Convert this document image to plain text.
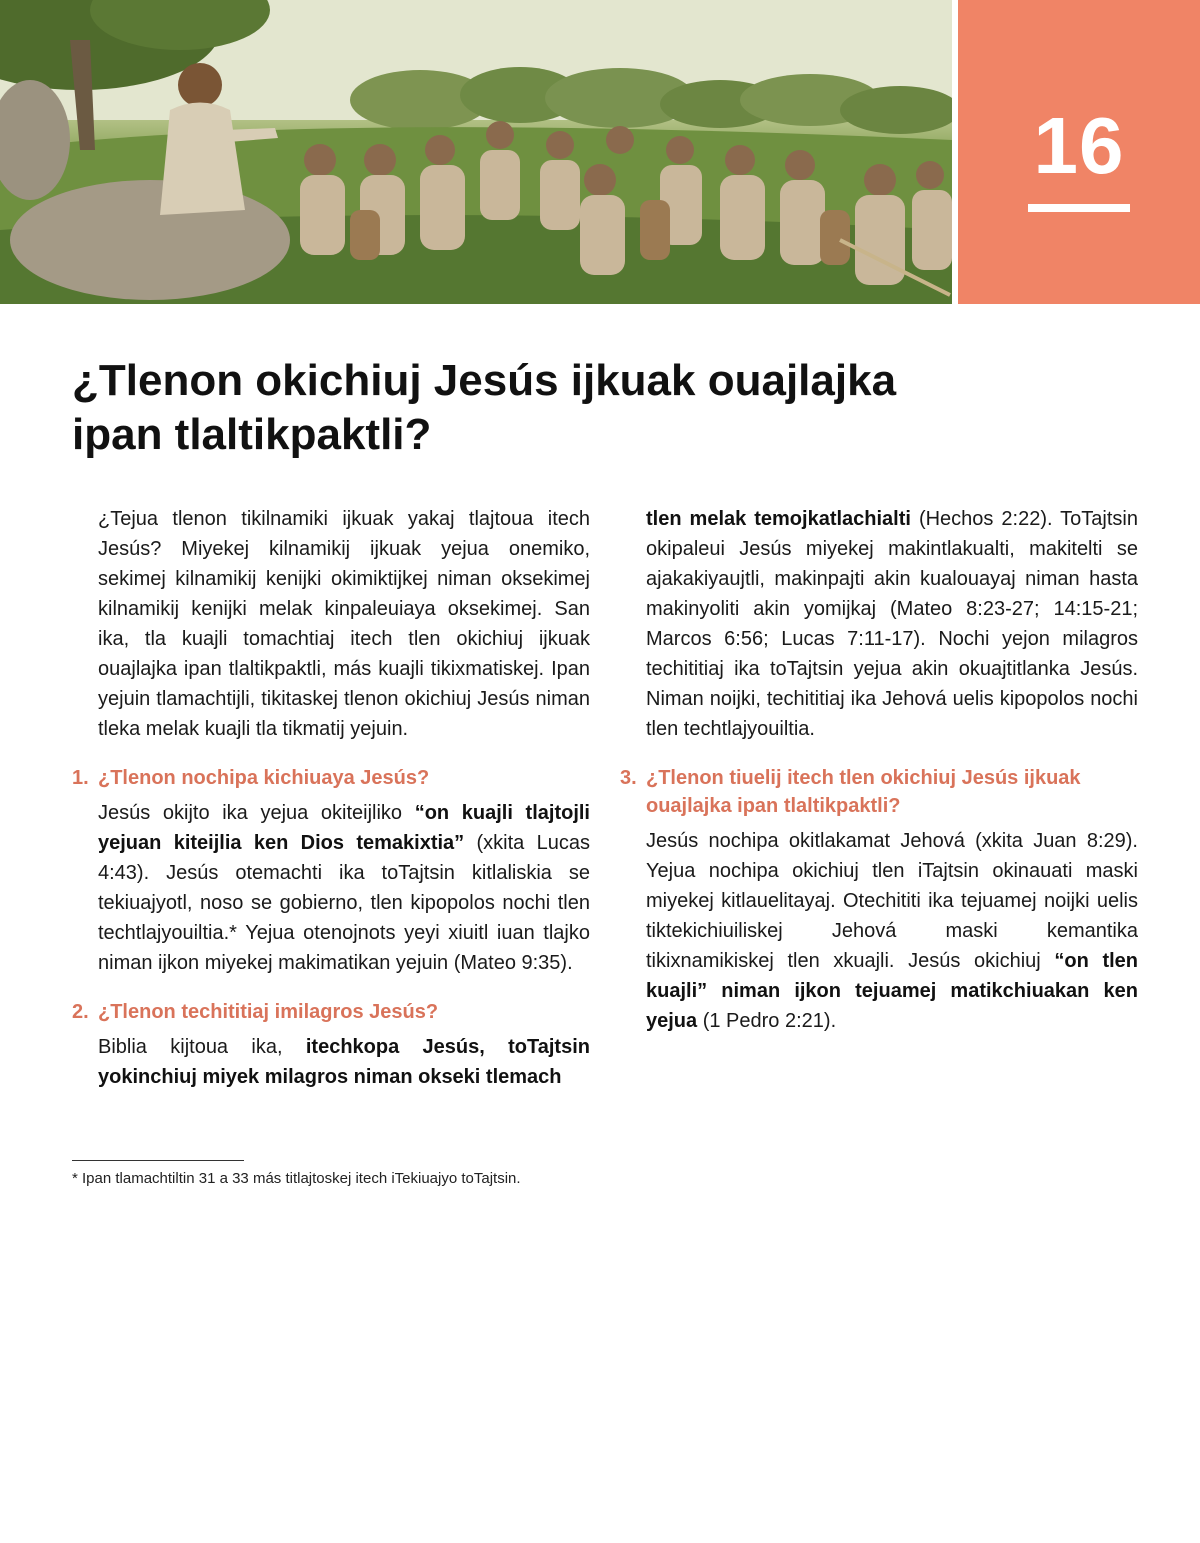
16
¿Tlenon okichiuj Jesús ijkuak ouajlajka ipan tlaltikpaktli?

¿Tejua tlenon tikilnamiki ijkuak yakaj tlajtoua itech Jesús? Miyekej kilnamikij ijkuak yejua onemiko, sekimej kilnamikij kenijki okimiktijkej niman oksekimej kilnamikij kenijki melak kinpaleuiaya oksekimej. San ika, tla kuajli tomachtiaj itech tlen okichiuj ijkuak ouajlajka ipan tlaltikpaktli, más kuajli tikixmatiskej. Ipan yejuin tlamachtijli, tikitaskej tlenon okichiuj Jesús niman tleka melak kuajli tla tikmatij yejuin.

1. ¿Tlenon nochipa kichiuaya Jesús?

Jesús okijto ika yejua okiteijliko “on kuajli tlajtojli yejuan kiteijlia ken Dios temakixtia” (xkita Lucas 4:43). Jesús otemachti ika toTajtsin kitlaliskia se tekiuajyotl, noso se gobierno, tlen kipopolos nochi tlen techtlajyouiltia.* Yejua otenojnots yeyi xiuitl iuan tlajko niman ijkon miyekej makimatikan yejuin (Mateo 9:35).

2. ¿Tlenon techititiaj imilagros Jesús?

Biblia kijtoua ika, itechkopa Jesús, toTajtsin yokinchiuj miyek milagros niman okseki tlemach

* Ipan tlamachtiltin 31 a 33 más titlajtoskej itech iTekiuajyo toTajtsin.

tlen melak temojkatlachialti (Hechos 2:22). ToTajtsin okipaleui Jesús miyekej makintlakualti, makitelti se ajakakiyaujtli, makinpajti akin kualouayaj niman hasta makinyoliti akin yomijkaj (Mateo 8:23-27; 14:15-21; Marcos 6:56; Lucas 7:11-17). Nochi yejon milagros techititiaj ika toTajtsin yejua akin okuajtitlanka Jesús. Niman noijki, techititiaj ika Jehová uelis kipopolos nochi tlen techtlajyouiltia.

3. ¿Tlenon tiuelij itech tlen okichiuj Jesús ijkuak ouajlajka ipan tlaltikpaktli?

Jesús nochipa okitlakamat Jehová (xkita Juan 8:29). Yejua nochipa okichiuj tlen iTajtsin okinauati maski miyekej kitlauelitayaj. Otechititi ika tejuamej noijki uelis tiktekichiuiliskej Jehová maski kemantika tikixnamikiskej tlen xkuajli. Jesús okichiuj “on tlen kuajli” niman ijkon tejuamej matikchiuakan ken yejua (1 Pedro 2:21).
